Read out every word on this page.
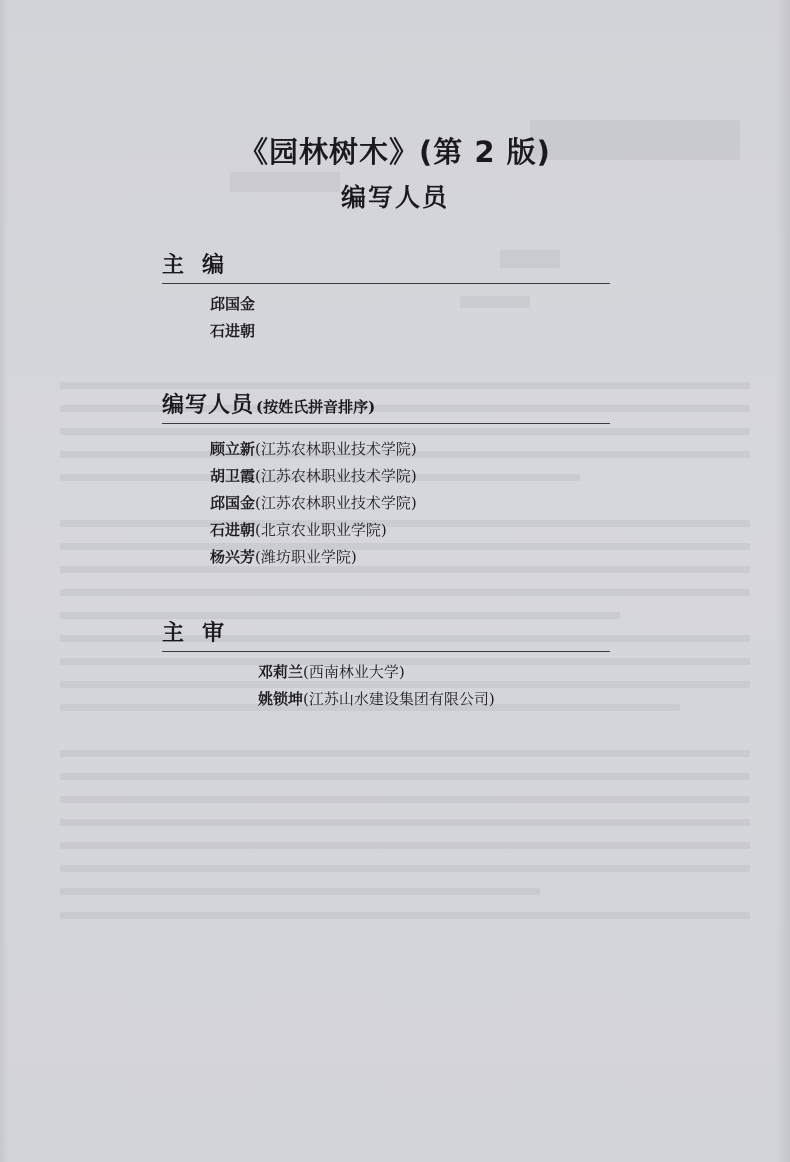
《园林树木》(第 2 版)
编写人员
主编
邱国金
石进朝
编写人员 (按姓氏拼音排序)
顾立新(江苏农林职业技术学院)
胡卫霞(江苏农林职业技术学院)
邱国金(江苏农林职业技术学院)
石进朝(北京农业职业学院)
杨兴芳(潍坊职业学院)
主审
邓莉兰(西南林业大学)
姚锁坤(江苏山水建设集团有限公司)
